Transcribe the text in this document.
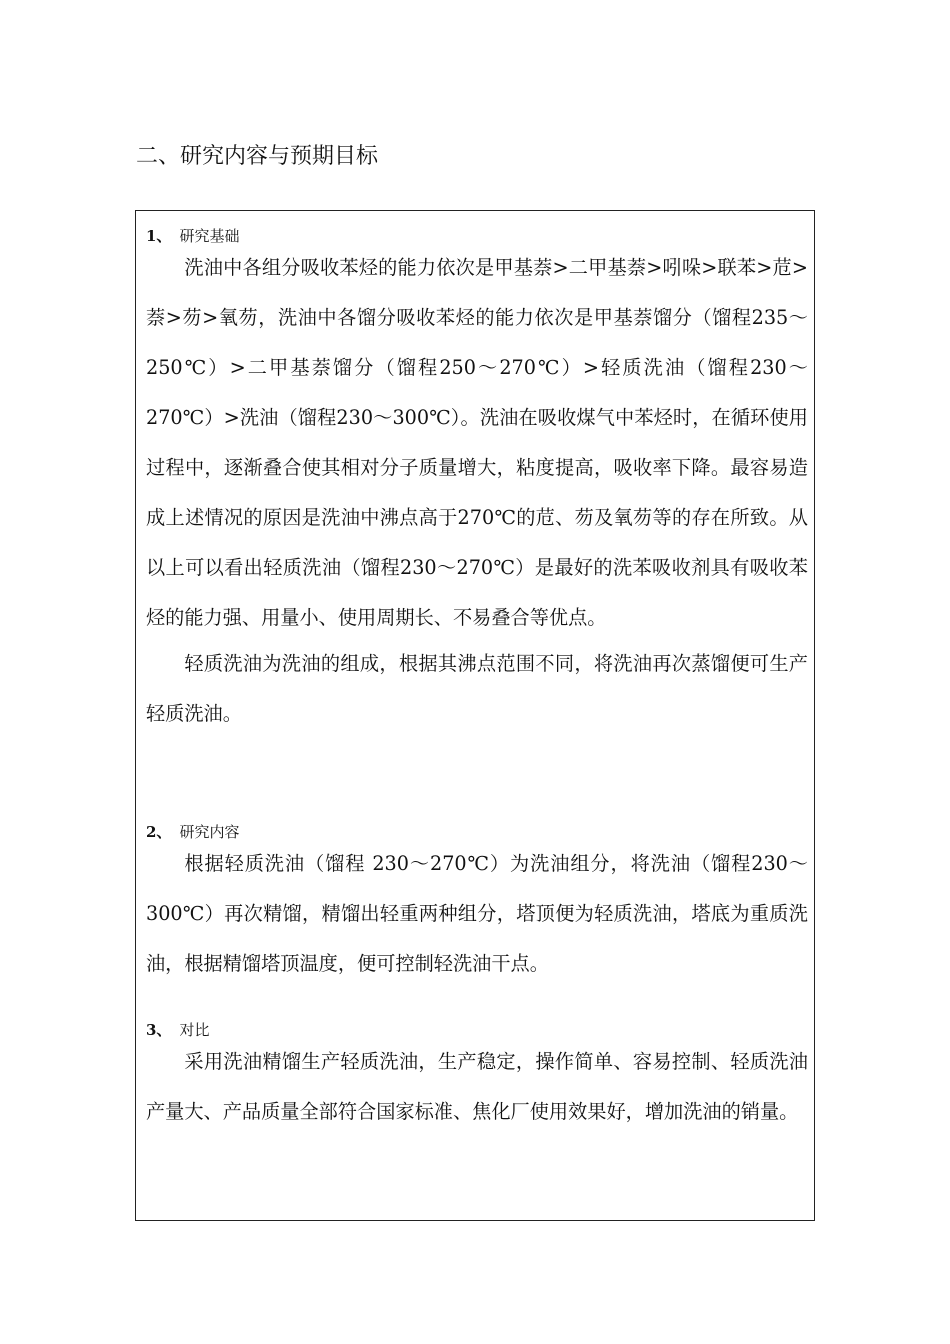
二、研究内容与预期目标
1、 研究基础

洗油中各组分吸收苯烃的能力依次是甲基萘>二甲基萘>吲哚>联苯>苊>萘>芴>氧芴，洗油中各馏分吸收苯烃的能力依次是甲基萘馏分（馏程235～250℃）>二甲基萘馏分（馏程250～270℃）>轻质洗油（馏程230～270℃）>洗油（馏程230～300℃）。洗油在吸收煤气中苯烃时，在循环使用过程中，逐渐叠合使其相对分子质量增大，粘度提高，吸收率下降。最容易造成上述情况的原因是洗油中沸点高于270℃的苊、芴及氧芴等的存在所致。从以上可以看出轻质洗油（馏程230～270℃）是最好的洗苯吸收剂具有吸收苯烃的能力强、用量小、使用周期长、不易叠合等优点。

轻质洗油为洗油的组成，根据其沸点范围不同，将洗油再次蒸馏便可生产轻质洗油。

2、 研究内容

根据轻质洗油（馏程 230～270℃）为洗油组分，将洗油（馏程230～300℃）再次精馏，精馏出轻重两种组分，塔顶便为轻质洗油，塔底为重质洗油，根据精馏塔顶温度，便可控制轻洗油干点。

3、 对比

采用洗油精馏生产轻质洗油，生产稳定，操作简单、容易控制、轻质洗油产量大、产品质量全部符合国家标准、焦化厂使用效果好，增加洗油的销量。
